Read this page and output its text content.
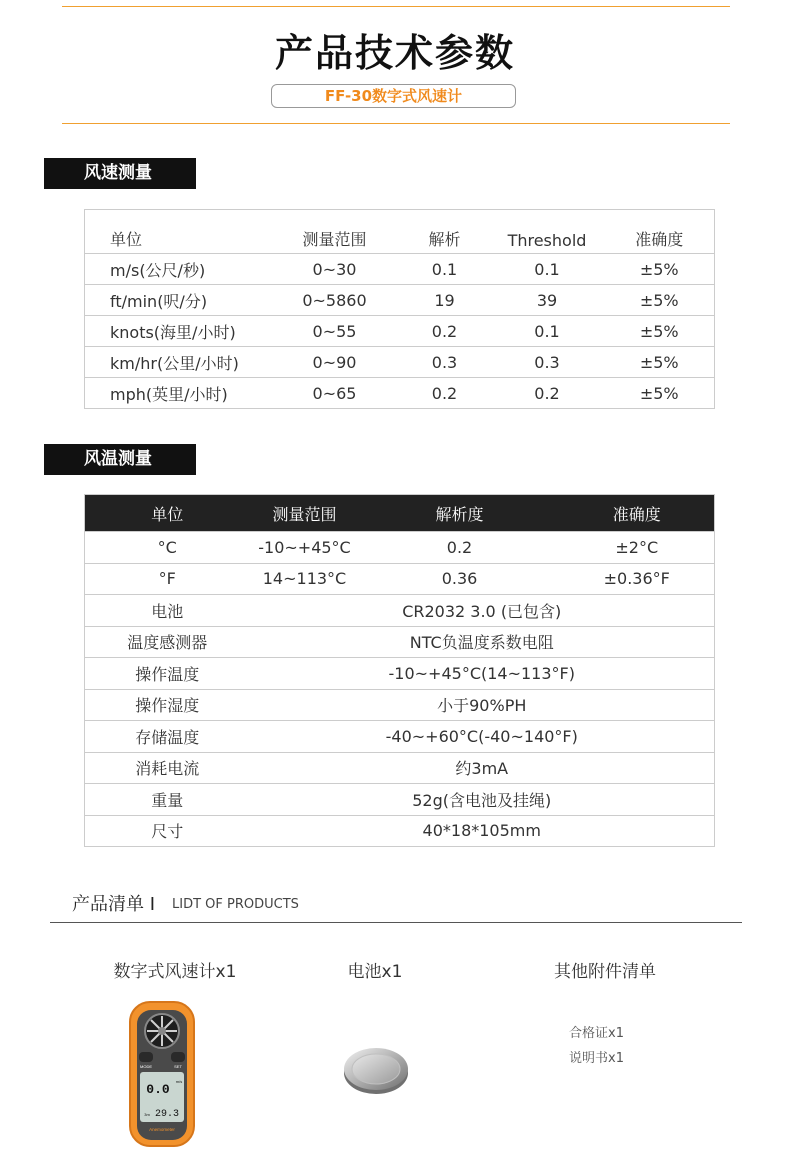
产品技术参数
FF-30数字式风速计
风速测量
单位	测量范围	解析	Threshold	准确度
m/s(公尺/秒)	0~30	0.1	0.1	±5%
ft/min(呎/分)	0~5860	19	39	±5%
knots(海里/小时)	0~55	0.2	0.1	±5%
km/hr(公里/小时)	0~90	0.3	0.3	±5%
mph(英里/小时)	0~65	0.2	0.2	±5%
风温测量
单位	测量范围	解析度	准确度
°C	-10~+45°C	0.2	±2°C
°F	14~113°C	0.36	±0.36°F
电池	CR2032 3.0 (已包含)		
温度感测器	NTC负温度系数电阻		
操作温度	-10~+45°C(14~113°F)		
操作湿度	小于90%PH		
存储温度	-40~+60°C(-40~140°F)		
消耗电流	约3mA		
重量	52g(含电池及挂绳)		
尺寸	40*18*105mm		
产品清单 I LIDT OF PRODUCTS
数字式风速计x1	电池x1	其他附件清单
MODE	SET
0.0
m/s
3m 29.3
Anemometer
合格证x1
说明书x1
